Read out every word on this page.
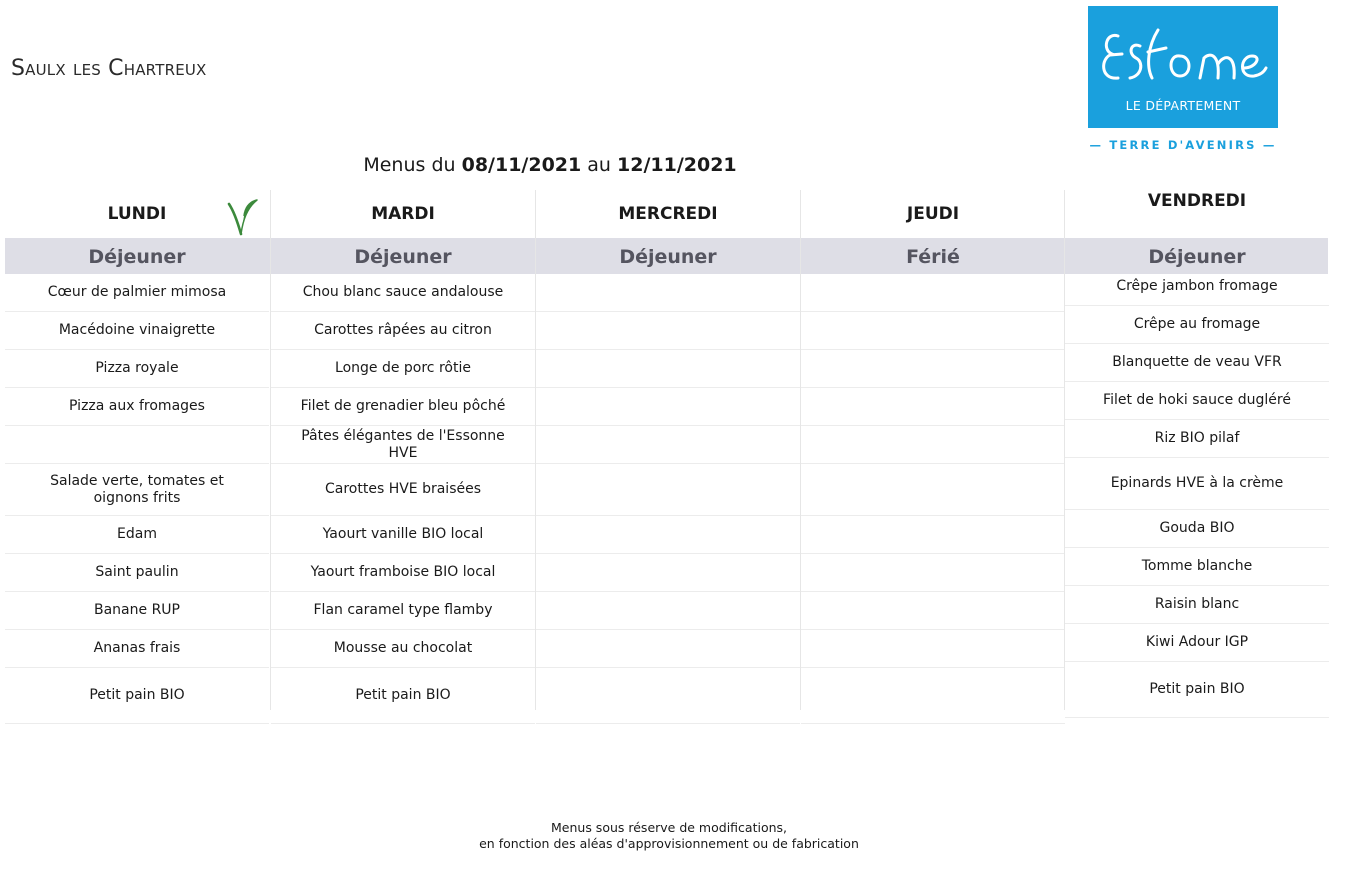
Saulx les Chartreux
LE DÉPARTEMENT
— TERRE D'AVENIRS —
Menus du 08/11/2021 au 12/11/2021
LUNDI
Déjeuner
Cœur de palmier mimosa
Macédoine vinaigrette
Pizza royale
Pizza aux fromages
Salade verte, tomates et oignons frits
Edam
Saint paulin
Banane RUP
Ananas frais
Petit pain BIO
MARDI
Déjeuner
Chou blanc sauce andalouse
Carottes râpées au citron
Longe de porc rôtie
Filet de grenadier bleu pôché
Pâtes élégantes de l'Essonne HVE
Carottes HVE braisées
Yaourt vanille BIO local
Yaourt framboise BIO local
Flan caramel type flamby
Mousse au chocolat
Petit pain BIO
MERCREDI
Déjeuner
JEUDI
Férié
VENDREDI
Déjeuner
Crêpe jambon fromage
Crêpe au fromage
Blanquette de veau VFR
Filet de hoki sauce dugléré
Riz BIO pilaf
Epinards HVE à la crème
Gouda BIO
Tomme blanche
Raisin blanc
Kiwi Adour IGP
Petit pain BIO
Menus sous réserve de modifications,
en fonction des aléas d'approvisionnement ou de fabrication
